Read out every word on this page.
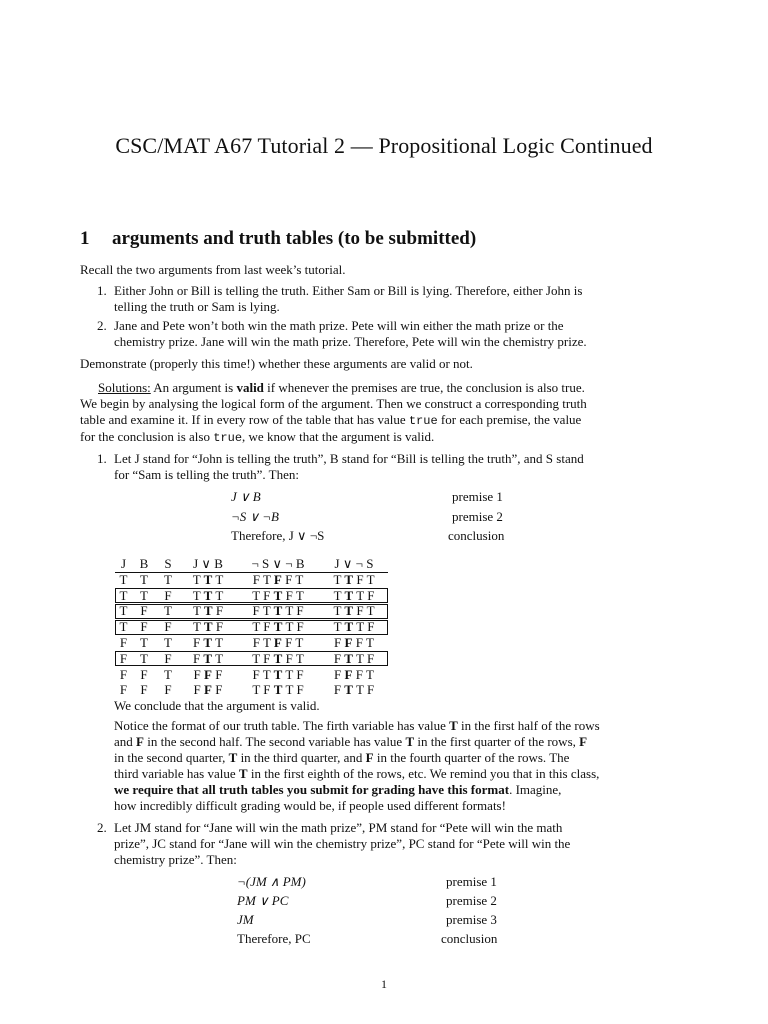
CSC/MAT A67 Tutorial 2 — Propositional Logic Continued
1 arguments and truth tables (to be submitted)
Recall the two arguments from last week’s tutorial.
1. Either John or Bill is telling the truth. Either Sam or Bill is lying. Therefore, either John is
telling the truth or Sam is lying.
2. Jane and Pete won’t both win the math prize. Pete will win either the math prize or the
chemistry prize. Jane will win the math prize. Therefore, Pete will win the chemistry prize.
Demonstrate (properly this time!) whether these arguments are valid or not.
Solutions: An argument is valid if whenever the premises are true, the conclusion is also true.
We begin by analysing the logical form of the argument. Then we construct a corresponding truth
table and examine it. If in every row of the table that has value true for each premise, the value
for the conclusion is also true, we know that the argument is valid.
1. Let J stand for “John is telling the truth”, B stand for “Bill is telling the truth”, and S stand
for “Sam is telling the truth”. Then:
J ∨ B	premise 1
¬S ∨ ¬B	premise 2
Therefore, J ∨ ¬S	conclusion
J	B	S	J ∨ B	¬ S ∨ ¬ B	J ∨ ¬ S
T	T	T	T T T	F T F F T	T T F T
T	T	F	T T T	T F T F T	T T T F
T	F	T	T T F	F T T T F	T T F T
T	F	F	T T F	T F T T F	T T T F
F	T	T	F T T	F T F F T	F F F T
F	T	F	F T T	T F T F T	F T T F
F	F	T	F F F	F T T T F	F F F T
F	F	F	F F F	T F T T F	F T T F
We conclude that the argument is valid.
Notice the format of our truth table. The firth variable has value T in the first half of the rows
and F in the second half. The second variable has value T in the first quarter of the rows, F
in the second quarter, T in the third quarter, and F in the fourth quarter of the rows. The
third variable has value T in the first eighth of the rows, etc. We remind you that in this class,
we require that all truth tables you submit for grading have this format. Imagine,
how incredibly difficult grading would be, if people used different formats!
2. Let JM stand for “Jane will win the math prize”, PM stand for “Pete will win the math
prize”, JC stand for “Jane will win the chemistry prize”, PC stand for “Pete will win the
chemistry prize”. Then:
¬(JM ∧ PM)	premise 1
PM ∨ PC	premise 2
JM	premise 3
Therefore, PC	conclusion
1
